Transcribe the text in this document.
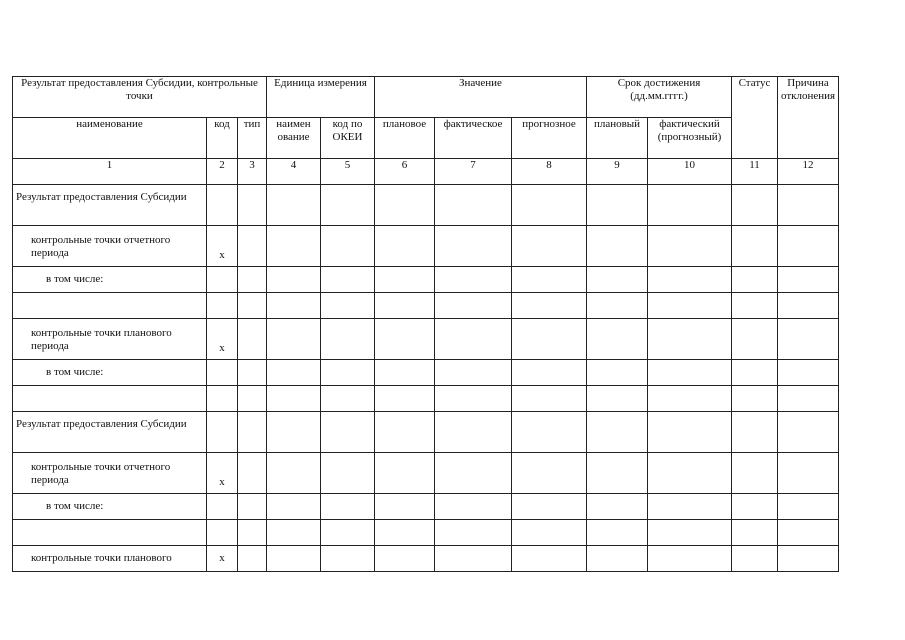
Результат предоставления Субсидии, контрольные точки			Единица измерения		Значение			Срок достижения (дд.мм.гггг.)		Статус	Причина отклонения
наименование	код	тип	наимен ование	код по ОКЕИ	плановое	фактическое	прогнозное	плановый	фактический (прогнозный)		
1	2	3	4	5	6	7	8	9	10	11	12
Результат предоставления Субсидии											
контрольные точки отчетного периода	x										
в том числе:											

контрольные точки планового периода	x										
в том числе:											

Результат предоставления Субсидии											
контрольные точки отчетного периода	x										
в том числе:											

контрольные точки планового	x										
